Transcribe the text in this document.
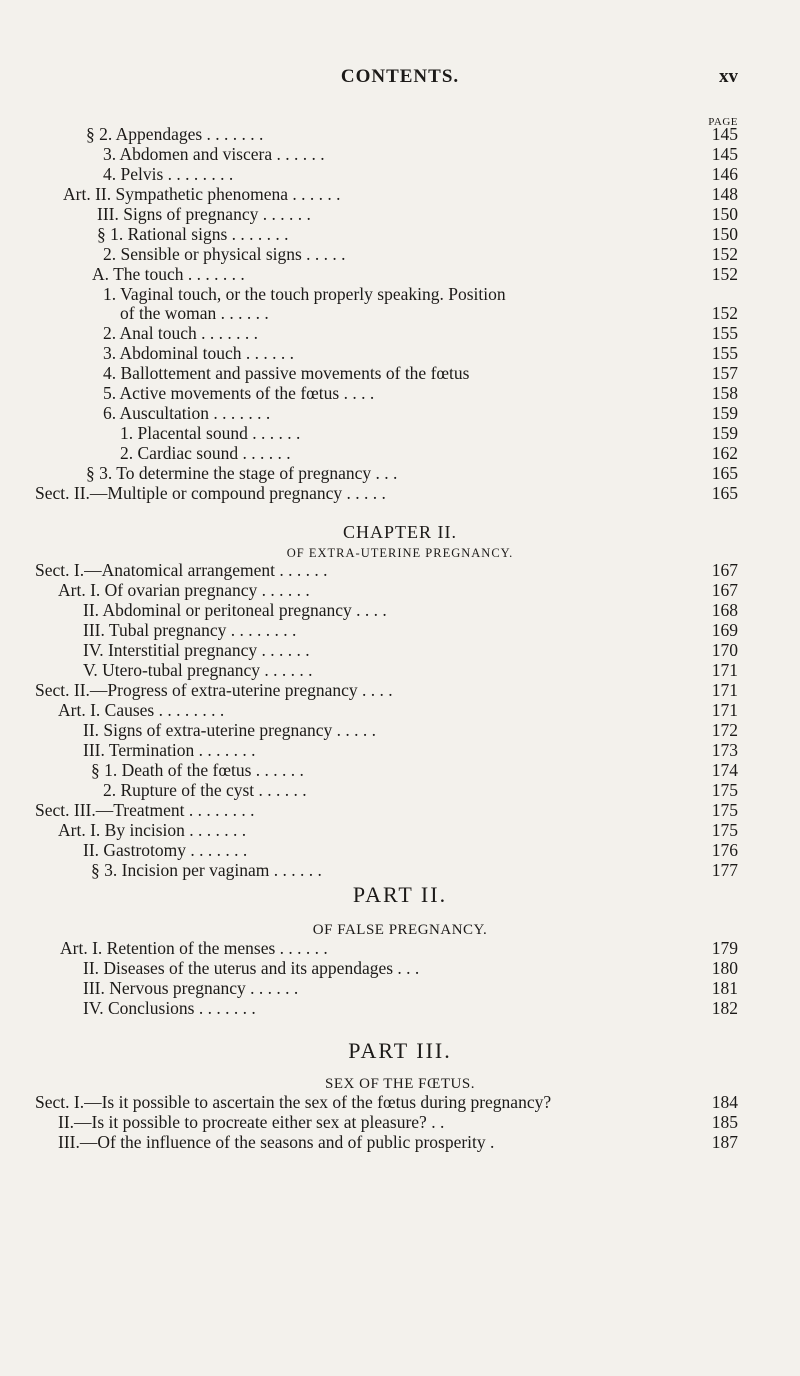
CONTENTS.	xv
PAGE
§ 2. Appendages . . . . . . .	145
3. Abdomen and viscera . . . . . .	145
4. Pelvis . . . . . . . .	146
Art. II. Sympathetic phenomena . . . . . .	148
III. Signs of pregnancy . . . . . .	150
§ 1. Rational signs . . . . . . .	150
2. Sensible or physical signs . . . . .	152
A. The touch . . . . . . .	152
1. Vaginal touch, or the touch properly speaking. Position
of the woman . . . . . .	152
2. Anal touch . . . . . . .	155
3. Abdominal touch . . . . . .	155
4. Ballottement and passive movements of the fœtus	157
5. Active movements of the fœtus . . . .	158
6. Auscultation . . . . . . .	159
1. Placental sound . . . . . .	159
2. Cardiac sound . . . . . .	162
§ 3. To determine the stage of pregnancy . . .	165
Sect. II.—Multiple or compound pregnancy . . . . .	165
CHAPTER II.
OF EXTRA-UTERINE PREGNANCY.
Sect. I.—Anatomical arrangement . . . . . .	167
Art. I. Of ovarian pregnancy . . . . . .	167
II. Abdominal or peritoneal pregnancy . . . .	168
III. Tubal pregnancy . . . . . . . .	169
IV. Interstitial pregnancy . . . . . .	170
V. Utero-tubal pregnancy . . . . . .	171
Sect. II.—Progress of extra-uterine pregnancy . . . .	171
Art. I. Causes . . . . . . . .	171
II. Signs of extra-uterine pregnancy . . . . .	172
III. Termination . . . . . . .	173
§ 1. Death of the fœtus . . . . . .	174
2. Rupture of the cyst . . . . . .	175
Sect. III.—Treatment . . . . . . . .	175
Art. I. By incision . . . . . . .	175
II. Gastrotomy . . . . . . .	176
§ 3. Incision per vaginam . . . . . .	177
PART II.
OF FALSE PREGNANCY.
Art. I. Retention of the menses . . . . . .	179
II. Diseases of the uterus and its appendages . . .	180
III. Nervous pregnancy . . . . . .	181
IV. Conclusions . . . . . . .	182
PART III.
SEX OF THE FŒTUS.
Sect. I.—Is it possible to ascertain the sex of the fœtus during pregnancy?	184
II.—Is it possible to procreate either sex at pleasure? . .	185
III.—Of the influence of the seasons and of public prosperity .	187
